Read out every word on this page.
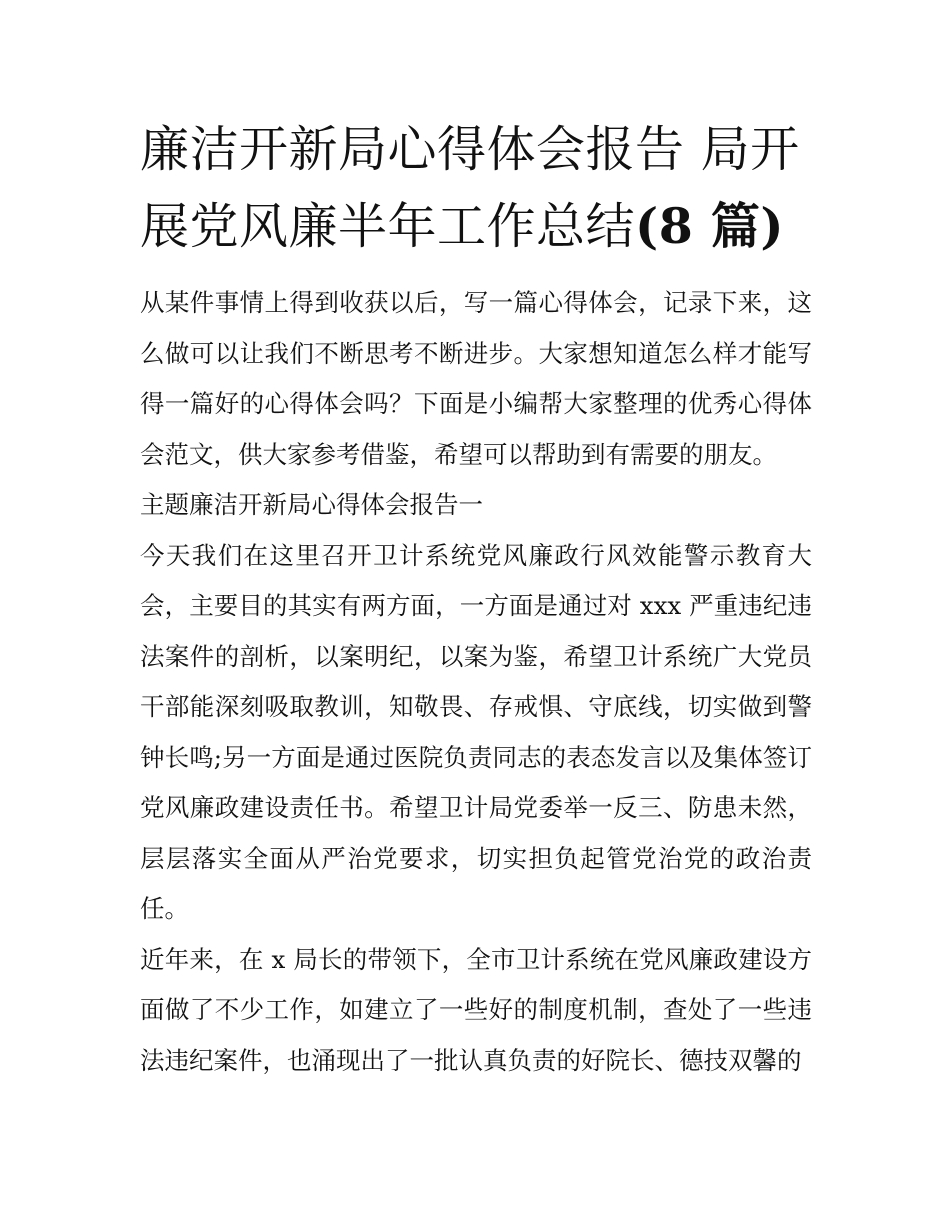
廉洁开新局心得体会报告 局开展党风廉半年工作总结(8 篇)

从某件事情上得到收获以后，写一篇心得体会，记录下来，这么做可以让我们不断思考不断进步。大家想知道怎么样才能写得一篇好的心得体会吗？下面是小编帮大家整理的优秀心得体会范文，供大家参考借鉴，希望可以帮助到有需要的朋友。

主题廉洁开新局心得体会报告一

今天我们在这里召开卫计系统党风廉政行风效能警示教育大会，主要目的其实有两方面，一方面是通过对 xxx 严重违纪违法案件的剖析，以案明纪，以案为鉴，希望卫计系统广大党员干部能深刻吸取教训，知敬畏、存戒惧、守底线，切实做到警钟长鸣;另一方面是通过医院负责同志的表态发言以及集体签订党风廉政建设责任书。希望卫计局党委举一反三、防患未然，层层落实全面从严治党要求，切实担负起管党治党的政治责任。

近年来，在 x 局长的带领下，全市卫计系统在党风廉政建设方面做了不少工作，如建立了一些好的制度机制，查处了一些违法违纪案件，也涌现出了一批认真负责的好院长、德技双馨的
